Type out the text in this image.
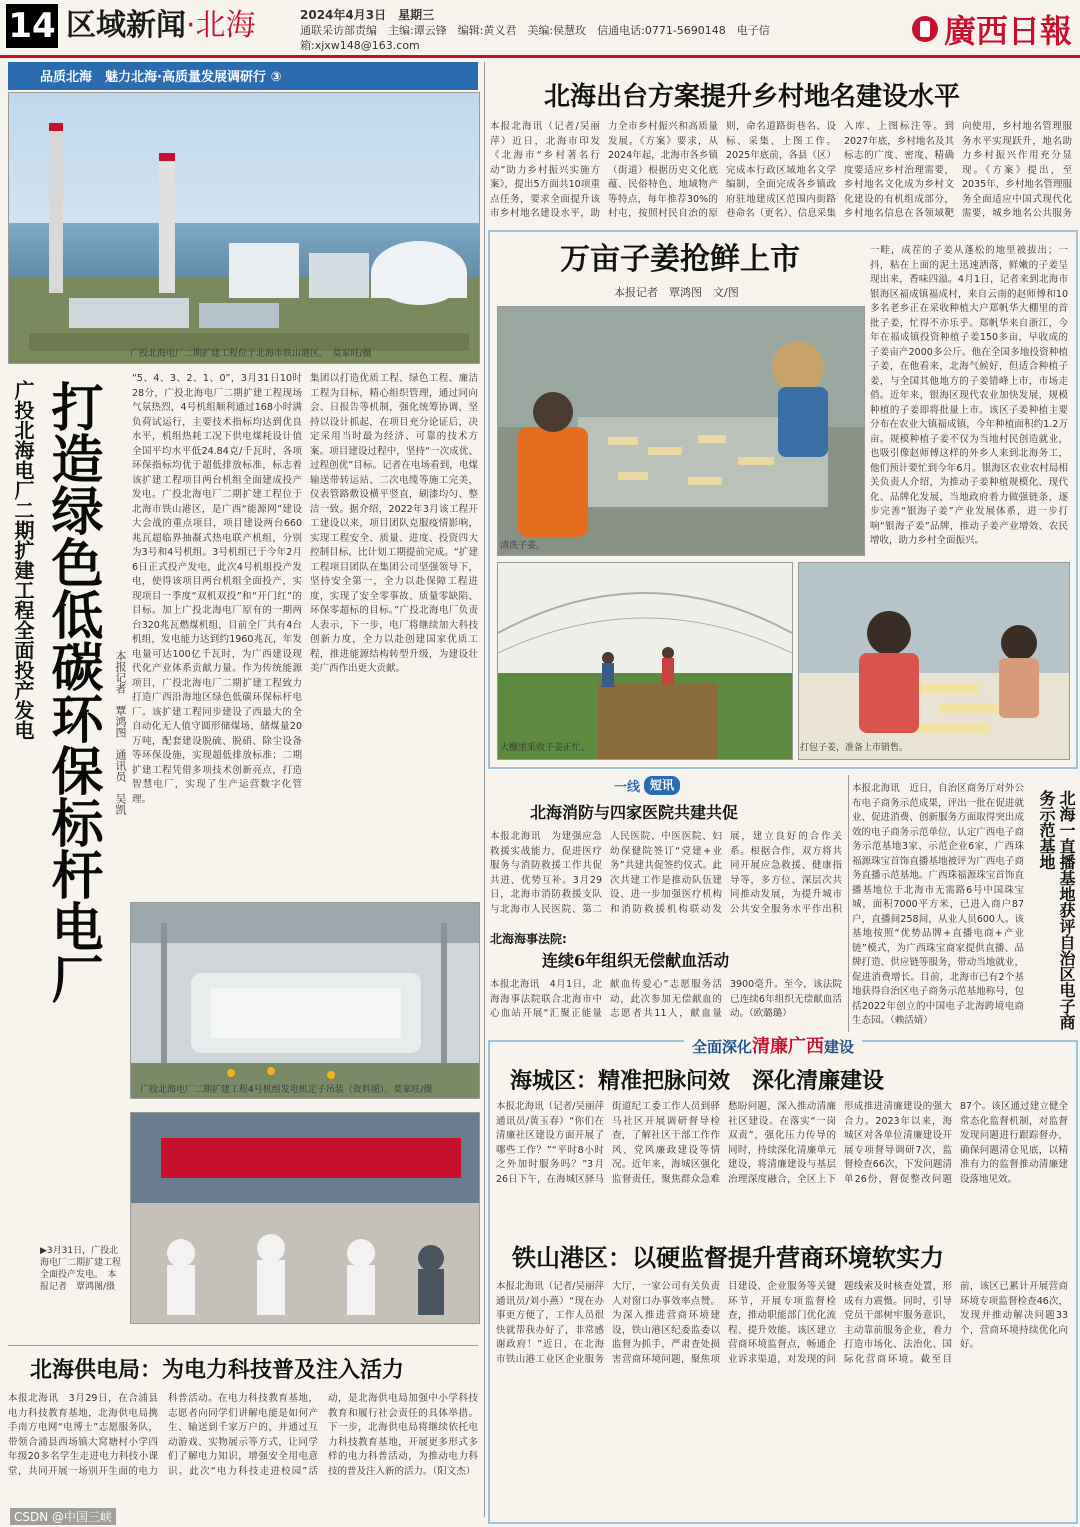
14 区域新闻·北海	2024年4月3日　星期三
通联采访部责编　主编:谭云锋　编辑:黄义君　美编:侯慧玫　信通电话:0771-5690148　电子信箱:xjxw148@163.com	廣西日報
品质北海　魅力北海·高质量发展调研行 ③
广投北海电厂二期扩建工程位于北海市铁山港区。　莫家旺/摄
广投北海电厂二期扩建工程全面投产发电 打造绿色低碳环保标杆电厂	本报记者　覃鸿图　通讯员　吴凯
“5、4、3、2、1、0”，3月31日10时28分，广投北海电厂二期扩建工程现场气氛热烈，4号机组顺利通过168小时满负荷试运行，主要技术指标均达到优良水平，机组热耗工况下供电煤耗设计值全国平均水平低24.84克/千瓦时，各项环保指标均优于超低排放标准，标志着该扩建工程项目两台机组全面建成投产发电。广投北海电厂二期扩建工程位于北海市铁山港区，是广西“能源网”建设大会战的重点项目，项目建设两台660兆瓦超临界抽凝式热电联产机组，分别为3号和4号机组。3号机组已于今年2月6日正式投产发电，此次4号机组投产发电，使得该项目两台机组全面投产，实现项目一季度“双机双投”和“开门红”的目标。加上广投北海电厂原有的一期两台320兆瓦燃煤机组，目前全厂共有4台机组，发电能力达到约1960兆瓦，年发电量可达100亿千瓦时，为广西建设现代化产业体系贡献力量。作为传统能源项目，广投北海电厂二期扩建工程致力打造广西沿海地区绿色低碳环保标杆电厂。该扩建工程同步建设了西最大的全自动化无人值守圆形储煤场，储煤量20万吨，配套建设脱硫、脱硝、除尘设备等环保设施，实现超低排放标准；二期扩建工程凭借多项技术创新亮点，打造智慧电厂，实现了生产运营数字化管理。
集团以打造优质工程、绿色工程、廉洁工程为目标，精心组织管理，通过同向会、日报告等机制，强化统筹协调，坚持以设计抓起，在项目充分论证后，决定采用当时最为经济、可靠的技术方案。项目建设过程中，坚持“一次成优、过程创优”目标。记者在电场看到，电煤输送带转运站、二次电缆等施工完美，仪表管路敷设横平竖直，刷漆均匀、整洁一致。据介绍，2022年3月该工程开工建设以来，项目团队克服疫情影响，实现工程安全、质量、进度、投资四大控制目标，比计划工期提前完成。“扩建工程项目团队在集团公司坚强领导下，坚持安全第一，全力以赴保障工程进度，实现了安全零事故、质量零缺陷、环保零超标的目标。”广投北海电厂负责人表示，下一步，电厂将继续加大科技创新力度，全力以赴创建国家优质工程，推进能源结构转型升级，为建设壮美广西作出更大贡献。
广投北海电厂二期扩建工程4号机组发电机定子吊装（资料图）。莫家旺/摄
▶3月31日，广投北海电厂二期扩建工程全面投产发电。　本报记者　覃鸿图/摄
北海供电局：为电力科技普及注入活力
本报北海讯　3月29日，在合浦县电力科技教育基地，北海供电局携手南方电网“电博士”志愿服务队，带领合浦县西场镇大窝塘村小学四年级20多名学生走进电力科技小课堂，共同开展一场别开生面的电力科普活动。在电力科技教育基地，志愿者向同学们讲解电能是如何产生、输送到千家万户的，并通过互动游戏、实物展示等方式，让同学们了解电力知识，增强安全用电意识。此次“电力科技走进校园”活动，是北海供电局加强中小学科技教育和履行社会责任的具体举措。下一步，北海供电局将继续依托电力科技教育基地，开展更多形式多样的电力科普活动，为推动电力科技的普及注入新的活力。（阳文杰）
北海出台方案提升乡村地名建设水平
本报北海讯（记者/吴丽萍）近日，北海市印发《北海市“乡村著名行动”助力乡村振兴实施方案》，提出5方面共10项重点任务，要求全面提升该市乡村地名建设水平，助力全市乡村振兴和高质量发展。《方案》要求，从2024年起，北海市各乡镇（街道）根据历史文化底蕴、民俗特色、地域物产等特点，每年推荐30%的村屯，按照村民自治的原则，命名道路街巷名、设标、采集、上图工作。2025年底前，各县（区）完成本行政区域地名文学编制，全面完成各乡镇政府驻地建成区范围内街路巷命名（更名）、信息采集入库、上图标注等。到2027年底，乡村地名及其标志的广度、密度、精确度要适应乡村治理需要，乡村地名文化成为乡村文化建设的有机组成部分，乡村地名信息在各领域靶向使用，乡村地名管理服务水平实现跃升，地名助力乡村振兴作用充分显现。《方案》提出，至2035年，乡村地名管理服务全面适应中国式现代化需要，城乡地名公共服务
万亩子姜抢鲜上市
本报记者　覃鸿图　文/图
清洗子姜。
一畦，成茬的子姜从蓬松的地里被拔出；一抖，粘在上面的泥土迅速洒落，鲜嫩的子姜呈现出来，香味四溢。4月1日，记者来到北海市银海区福成镇福成村，来自云南的赵师傅和10多名老乡正在采收种植大户郑帆华大棚里的首批子姜，忙得不亦乐乎。郑帆华来自浙江，今年在福成镇投资种植子姜150多亩，早收成的子姜亩产2000多公斤。他在全国多地投资种植子姜，在他看来，北海气候好，但适合种植子姜，与全国其他地方的子姜错峰上市，市场走俏。近年来，银海区现代农业加快发展，规模种植的子姜即将批量上市。该区子姜种植主要分布在农业大镇福成镇，今年种植面积约1.2万亩。规模种植子姜不仅为当地村民创造就业，也吸引像赵师傅这样的外乡人来到北海务工，他们预计要忙到今年6月。银海区农业农村局相关负责人介绍，为推动子姜种植规模化、现代化、品牌化发展，当地政府着力做强链条，逐步完善“银海子姜”产业发展体系，进一步打响“银海子姜”品牌，推动子姜产业增效、农民增收，助力乡村全面振兴。
大棚里采收子姜正忙。	打包子姜，准备上市销售。
一线 短讯
北海消防与四家医院共建共促
本报北海讯　为建强应急救援实战能力，促进医疗服务与消防救援工作共促共进、优势互补。3月29日，北海市消防救援支队与北海市人民医院、第二人民医院、中医医院、妇幼保健院签订“党建+业务”共建共促签约仪式。此次共建工作是推动队伍建设、进一步加强医疗机构和消防救援机构联动发展，建立良好的合作关系。根据合作，双方将共同开展应急救援、健康指导等，多方位、深层次共同推动发展，为提升城市公共安全服务水平作出积　　
北海海事法院:
连续6年组织无偿献血活动
本报北海讯　4月1日，北海海事法院联合北海市中心血站开展“汇聚正能量　献血传爱心”志愿服务活动，此次参加无偿献血的志愿者共11人，献血量3900毫升。至今，该法院已连续6年组织无偿献血活动。（欧璐璐）
本报北海讯　近日，自治区商务厅对外公布电子商务示范成果，评出一批在促进就业、促进消费、创新服务方面取得突出成效的电子商务示范单位，认定广西电子商务示范基地3家、示范企业6家，广西珠福源珠宝首饰直播基地被评为广西电子商务直播示范基地。广西珠福源珠宝首饰直播基地位于北海市无需路6号中国珠宝城，面积7000平方米，已进入商户87户，直播间258间，从业人员600人。该基地按照“优势品牌+直播电商+产业链”模式，为广西珠宝商家提供直播、品牌打造、供应链等服务，带动当地就业，促进消费增长。目前，北海市已有2个基地获得自治区电子商务示范基地称号，包括2022年创立的中国电子北海跨境电商生态园。（赖活婧）	北海一直播基地获评自治区电子商务示范基地
全面深化清廉广西建设
海城区：精准把脉问效　深化清廉建设
本报北海讯（记者/吴丽萍　通讯员/黄玉春）“你们在清廉社区建设方面开展了哪些工作？”“平时8小时之外加时服务吗？”3月26日下午，在海城区驿马街道纪工委工作人员到驿马社区开展调研督导检查，了解社区干部工作作风、党风廉政建设等情况。近年来，海城区强化监督责任，聚焦群众急难愁盼问题，深入推动清廉社区建设。在落实“一岗双责”，强化压力传导的同时，持续深化清廉单元建设，将清廉建设与基层治理深度融合，全区上下形成推进清廉建设的强大合力。2023年以来，海城区对各单位清廉建设开展专项督导调研7次，监督检查66次，下发问题清单26份，督促整改问题87个。该区通过建立健全常态化监督机制，对监督发现问题进行跟踪督办，确保问题清仓见底，以精准有力的监督推动清廉建设落地见效。
铁山港区：以硬监督提升营商环境软实力
本报北海讯（记者/吴丽萍　通讯员/刘小燕）“现在办事更方便了，工作人员很快就帮我办好了，非常感谢政府！”近日，在北海市铁山港工业区企业服务大厅，一家公司有关负责人对窗口办事效率点赞。为深入推进营商环境建设，铁山港区纪委监委以监督为抓手，严肃查处损害营商环境问题，聚焦项目建设、企业服务等关键环节，开展专项监督检查，推动职能部门优化流程、提升效能。该区建立营商环境监督点，畅通企业诉求渠道，对发现的问题线索及时核查处置，形成有力震慑。同时，引导党员干部树牢服务意识，主动靠前服务企业，着力打造市场化、法治化、国际化营商环境。截至目前，该区已累计开展营商环境专项监督检查46次，发现并推动解决问题33个，营商环境持续优化向好。
CSDN @中国三峡
